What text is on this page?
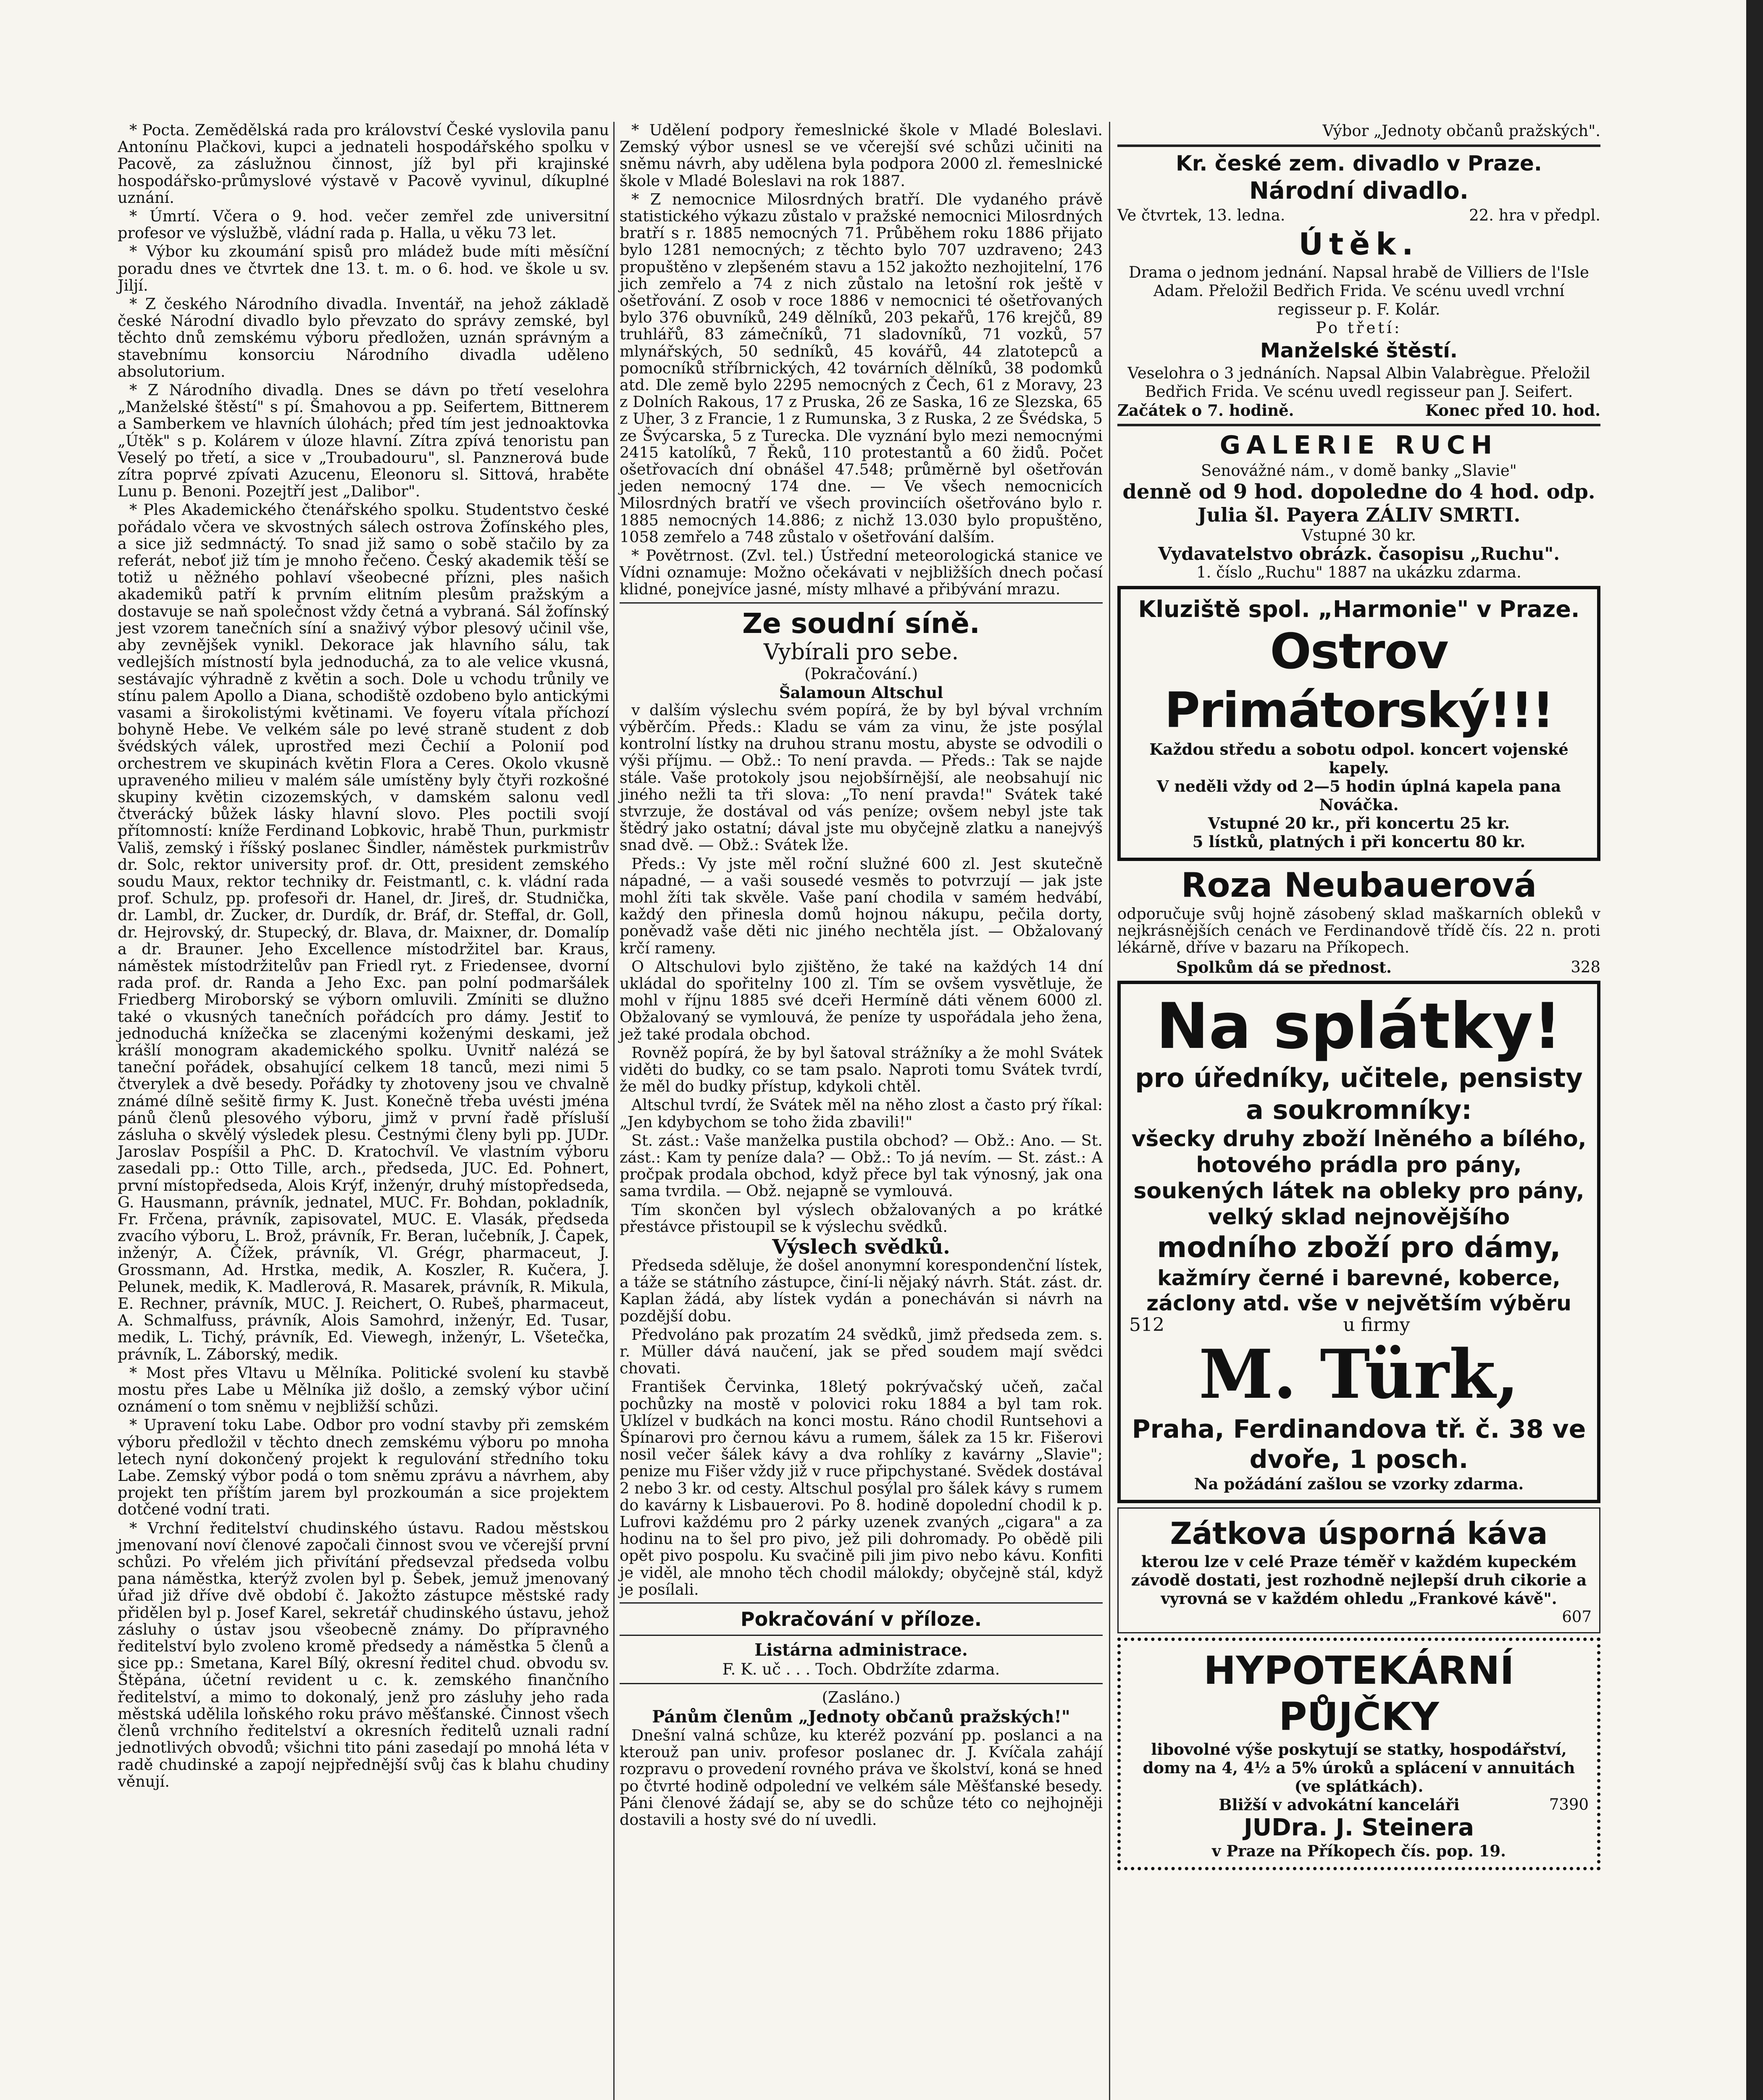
* Pocta. Zemědělská rada pro království České vyslovila panu Antonínu Plačkovi, kupci a jednateli hospodářského spolku v Pacově, za záslužnou činnost, jíž byl při krajinské hospodářsko-průmyslové výstavě v Pacově vyvinul, díkuplné uznání.

* Úmrtí. Včera o 9. hod. večer zemřel zde universitní profesor ve výslužbě, vládní rada p. Halla, u věku 73 let.

* Výbor ku zkoumání spisů pro mládež bude míti měsíční poradu dnes ve čtvrtek dne 13. t. m. o 6. hod. ve škole u sv. Jiljí.

* Z českého Národního divadla. Inventář, na jehož základě české Národní divadlo bylo převzato do správy zemské, byl těchto dnů zemskému výboru předložen, uznán správným a stavebnímu konsorciu Národního divadla uděleno absolutorium.

* Z Národního divadla. Dnes se dávn po třetí veselohra „Manželské štěstí" s pí. Šmahovou a pp. Seifertem, Bittnerem a Samberkem ve hlavních úlohách; před tím jest jednoaktovka „Útěk" s p. Kolárem v úloze hlavní. Zítra zpívá tenoristu pan Veselý po třetí, a sice v „Troubadouru", sl. Panznerová bude zítra poprvé zpívati Azucenu, Eleonoru sl. Sittová, hraběte Lunu p. Benoni. Pozejtří jest „Dalibor".

* Ples Akademického čtenářského spolku. Studentstvo české pořádalo včera ve skvostných sálech ostrova Žofínského ples, a sice již sedmnáctý. To snad již samo o sobě stačilo by za referát, neboť již tím je mnoho řečeno. Český akademik těší se totiž u něžného pohlaví všeobecné přízni, ples našich akademiků patří k prvním elitním plesům pražským a dostavuje se naň společnost vždy četná a vybraná. Sál žofínský jest vzorem tanečních síní a snaživý výbor plesový učinil vše, aby zevnějšek vynikl. Dekorace jak hlavního sálu, tak vedlejších místností byla jednoduchá, za to ale velice vkusná, sestávajíc výhradně z květin a soch. Dole u vchodu trůnily ve stínu palem Apollo a Diana, schodiště ozdobeno bylo antickými vasami a širokolistými květinami. Ve foyeru vítala příchozí bohyně Hebe. Ve velkém sále po levé straně student z dob švédských válek, uprostřed mezi Čechií a Polonií pod orchestrem ve skupinách květin Flora a Ceres. Okolo vkusně upraveného milieu v malém sále umístěny byly čtyři rozkošné skupiny květin cizozemských, v damském salonu vedl čtverácký bůžek lásky hlavní slovo. Ples poctili svojí přítomností: kníže Ferdinand Lobkovic, hrabě Thun, purkmistr Vališ, zemský i říšský poslanec Šindler, náměstek purkmistrův dr. Solc, rektor university prof. dr. Ott, president zemského soudu Maux, rektor techniky dr. Feistmantl, c. k. vládní rada prof. Schulz, pp. profesoři dr. Hanel, dr. Jireš, dr. Studnička, dr. Lambl, dr. Zucker, dr. Durdík, dr. Bráf, dr. Steffal, dr. Goll, dr. Hejrovský, dr. Stupecký, dr. Blava, dr. Maixner, dr. Domalíp a dr. Brauner. Jeho Excellence místodržitel bar. Kraus, náměstek místodržitelův pan Friedl ryt. z Friedensee, dvorní rada prof. dr. Randa a Jeho Exc. pan polní podmaršálek Friedberg Miroborský se výborn omluvili. Zmíniti se dlužno také o vkusných tanečních pořádcích pro dámy. Jestiť to jednoduchá knížečka se zlacenými koženými deskami, jež krášlí monogram akademického spolku. Uvnitř nalézá se taneční pořádek, obsahující celkem 18 tanců, mezi nimi 5 čtverylek a dvě besedy. Pořádky ty zhotoveny jsou ve chvalně známé dílně sešitě firmy K. Just. Konečně třeba uvésti jména pánů členů plesového výboru, jimž v první řadě přísluší zásluha o skvělý výsledek plesu. Čestnými členy byli pp. JUDr. Jaroslav Pospíšil a PhC. D. Kratochvíl. Ve vlastním výboru zasedali pp.: Otto Tille, arch., předseda, JUC. Ed. Pohnert, první místopředseda, Alois Krýf, inženýr, druhý místopředseda, G. Hausmann, právník, jednatel, MUC. Fr. Bohdan, pokladník, Fr. Frčena, právník, zapisovatel, MUC. E. Vlasák, předseda zvacího výboru, L. Brož, právník, Fr. Beran, lučebník, J. Čapek, inženýr, A. Čížek, právník, Vl. Grégr, pharmaceut, J. Grossmann, Ad. Hrstka, medik, A. Koszler, R. Kučera, J. Pelunek, medik, K. Madlerová, R. Masarek, právník, R. Mikula, E. Rechner, právník, MUC. J. Reichert, O. Rubeš, pharmaceut, A. Schmalfuss, právník, Alois Samohrd, inženýr, Ed. Tusar, medik, L. Tichý, právník, Ed. Viewegh, inženýr, L. Všetečka, právník, L. Záborský, medik.

* Most přes Vltavu u Mělníka. Politické svolení ku stavbě mostu přes Labe u Mělníka již došlo, a zemský výbor učiní oznámení o tom sněmu v nejbližší schůzi.

* Upravení toku Labe. Odbor pro vodní stavby při zemském výboru předložil v těchto dnech zemskému výboru po mnoha letech nyní dokončený projekt k regulování středního toku Labe. Zemský výbor podá o tom sněmu zprávu a návrhem, aby projekt ten příštím jarem byl prozkoumán a sice projektem dotčené vodní trati.

* Vrchní ředitelství chudinského ústavu. Radou městskou jmenovaní noví členové započali činnost svou ve včerejší první schůzi. Po vřelém jich přivítání předsevzal předseda volbu pana náměstka, kterýž zvolen byl p. Šebek, jemuž jmenovaný úřad již dříve dvě období č. Jakožto zástupce městské rady přidělen byl p. Josef Karel, sekretář chudinského ústavu, jehož zásluhy o ústav jsou všeobecně známy. Do přípravného ředitelství bylo zvoleno kromě předsedy a náměstka 5 členů a sice pp.: Smetana, Karel Bílý, okresní ředitel chud. obvodu sv. Štěpána, účetní revident u c. k. zemského finančního ředitelství, a mimo to dokonalý, jenž pro zásluhy jeho rada městská udělila loňského roku právo měšťanské. Činnost všech členů vrchního ředitelství a okresních ředitelů uznali radní jednotlivých obvodů; všichni tito páni zasedají po mnohá léta v radě chudinské a zapojí nejpřednější svůj čas k blahu chudiny věnují.

* Udělení podpory řemeslnické škole v Mladé Boleslavi. Zemský výbor usnesl se ve včerejší své schůzi učiniti na sněmu návrh, aby udělena byla podpora 2000 zl. řemeslnické škole v Mladé Boleslavi na rok 1887.

* Z nemocnice Milosrdných bratří. Dle vydaného právě statistického výkazu zůstalo v pražské nemocnici Milosrdných bratří s r. 1885 nemocných 71. Průběhem roku 1886 přijato bylo 1281 nemocných; z těchto bylo 707 uzdraveno; 243 propuštěno v zlepšeném stavu a 152 jakožto nezhojitelní, 176 jich zemřelo a 74 z nich zůstalo na letošní rok ještě v ošetřování. Z osob v roce 1886 v nemocnici té ošetřovaných bylo 376 obuvníků, 249 dělníků, 203 pekařů, 176 krejčů, 89 truhlářů, 83 zámečníků, 71 sladovníků, 71 vozků, 57 mlynářských, 50 sedníků, 45 kovářů, 44 zlatotepců a pomocníků stříbrnických, 42 továrních dělníků, 38 podomků atd. Dle země bylo 2295 nemocných z Čech, 61 z Moravy, 23 z Dolních Rakous, 17 z Pruska, 26 ze Saska, 16 ze Slezska, 65 z Uher, 3 z Francie, 1 z Rumunska, 3 z Ruska, 2 ze Švédska, 5 ze Švýcarska, 5 z Turecka. Dle vyznání bylo mezi nemocnými 2415 katolíků, 7 Řeků, 110 protestantů a 60 židů. Počet ošetřovacích dní obnášel 47.548; průměrně byl ošetřován jeden nemocný 174 dne. — Ve všech nemocnicích Milosrdných bratří ve všech provinciích ošetřováno bylo r. 1885 nemocných 14.886; z nichž 13.030 bylo propuštěno, 1058 zemřelo a 748 zůstalo v ošetřování dalším.

* Povětrnost. (Zvl. tel.) Ústřední meteorologická stanice ve Vídni oznamuje: Možno očekávati v nejbližších dnech počasí klidné, ponejvíce jasné, místy mlhavé a přibývání mrazu.

Ze soudní síně.

Vybírali pro sebe.

(Pokračování.)

Šalamoun Altschul

v dalším výslechu svém popírá, že by byl býval vrchním výběrčím. Předs.: Kladu se vám za vinu, že jste posýlal kontrolní lístky na druhou stranu mostu, abyste se odvodili o výši příjmu. — Obž.: To není pravda. — Předs.: Tak se najde stále. Vaše protokoly jsou nejobšírnější, ale neobsahují nic jiného nežli ta tři slova: „To není pravda!" Svátek také stvrzuje, že dostával od vás peníze; ovšem nebyl jste tak štědrý jako ostatní; dával jste mu obyčejně zlatku a nanejvýš snad dvě. — Obž.: Svátek lže.

Předs.: Vy jste měl roční služné 600 zl. Jest skutečně nápadné, — a vaši sousedé vesměs to potvrzují — jak jste mohl žíti tak skvěle. Vaše paní chodila v samém hedvábí, každý den přinesla domů hojnou nákupu, pečila dorty, poněvadž vaše děti nic jiného nechtěla jíst. — Obžalovaný krčí rameny.

O Altschulovi bylo zjištěno, že také na každých 14 dní ukládal do spořitelny 100 zl. Tím se ovšem vysvětluje, že mohl v říjnu 1885 své dceři Hermíně dáti věnem 6000 zl. Obžalovaný se vymlouvá, že peníze ty uspořádala jeho žena, jež také prodala obchod.

Rovněž popírá, že by byl šatoval strážníky a že mohl Svátek viděti do budky, co se tam psalo. Naproti tomu Svátek tvrdí, že měl do budky přístup, kdykoli chtěl.

Altschul tvrdí, že Svátek měl na něho zlost a často prý říkal: „Jen kdybychom se toho žida zbavili!"

St. zást.: Vaše manželka pustila obchod? — Obž.: Ano. — St. zást.: Kam ty peníze dala? — Obž.: To já nevím. — St. zást.: A pročpak prodala obchod, když přece byl tak výnosný, jak ona sama tvrdila. — Obž. nejapně se vymlouvá.

Tím skončen byl výslech obžalovaných a po krátké přestávce přistoupil se k výslechu svědků.

Výslech svědků.

Předseda sděluje, že došel anonymní korespondenční lístek, a táže se státního zástupce, činí-li nějaký návrh. Stát. zást. dr. Kaplan žádá, aby lístek vydán a ponecháván si návrh na pozdější dobu.

Předvoláno pak prozatím 24 svědků, jimž předseda zem. s. r. Müller dává naučení, jak se před soudem mají svědci chovati.

František Červinka, 18letý pokrývačský učeň, začal pochůzky na mostě v polovici roku 1884 a byl tam rok. Uklízel v budkách na konci mostu. Ráno chodil Runtsehovi a Špínarovi pro černou kávu a rumem, šálek za 15 kr. Fišerovi nosil večer šálek kávy a dva rohlíky z kavárny „Slavie"; penize mu Fišer vždy již v ruce připchystané. Svědek dostával 2 nebo 3 kr. od cesty. Altschul posýlal pro šálek kávy s rumem do kavárny k Lisbauerovi. Po 8. hodině dopolední chodil k p. Lufrovi každému pro 2 párky uzenek zvaných „cigara" a za hodinu na to šel pro pivo, jež pili dohromady. Po obědě pili opět pivo pospolu. Ku svačině pili jim pivo nebo kávu. Konfiti je viděl, ale mnoho těch chodil málokdy; obyčejně stál, když je posílali.

Pokračování v příloze.

Listárna administrace.

F. K. uč . . . Toch. Obdržíte zdarma.

(Zasláno.)

Pánům členům „Jednoty občanů pražských!"

Dnešní valná schůze, ku kteréž pozvání pp. poslanci a na kterouž pan univ. profesor poslanec dr. J. Kvíčala zahájí rozpravu o provedení rovného práva ve školství, koná se hned po čtvrté hodině odpolední ve velkém sále Měšťanské besedy. Páni členové žádají se, aby se do schůze této co nejhojněji dostavili a hosty své do ní uvedli.

Výbor „Jednoty občanů pražských".

Kr. české zem. divadlo v Praze.

Národní divadlo.

Ve čtvrtek, 13. ledna.	22. hra v předpl.

Útěk.

Drama o jednom jednání. Napsal hrabě de Villiers de l'Isle Adam. Přeložil Bedřich Frida. Ve scénu uvedl vrchní regisseur p. F. Kolár.

Po třetí:

Manželské štěstí.

Veselohra o 3 jednáních. Napsal Albin Valabrègue. Přeložil Bedřich Frida. Ve scénu uvedl regisseur pan J. Seifert.

Začátek o 7. hodině.	Konec před 10. hod.

GALERIE RUCH

Senovážné nám., v domě banky „Slavie"

denně od 9 hod. dopoledne do 4 hod. odp.

Julia šl. Payera ZÁLIV SMRTI.

Vstupné 30 kr.

Vydavatelstvo obrázk. časopisu „Ruchu".

1. číslo „Ruchu" 1887 na ukázku zdarma.

Kluziště spol. „Harmonie" v Praze.

Ostrov Primátorský!!!

Každou středu a sobotu odpol. koncert vojenské kapely.

V neděli vždy od 2—5 hodin úplná kapela pana Nováčka.

Vstupné 20 kr., při koncertu 25 kr.

5 lístků, platných i při koncertu 80 kr.

Roza Neubauerová

odporučuje svůj hojně zásobený sklad maškarních obleků v nejkrásnějších cenách ve Ferdinandově třídě čís. 22 n. proti lékárně, dříve v bazaru na Příkopech.

Spolkům dá se přednost.	328

Na splátky!

pro úředníky, učitele, pensisty

a soukromníky:

všecky druhy zboží lněného a bílého, hotového prádla pro pány, soukených látek na obleky pro pány, velký sklad nejnovějšího

modního zboží pro dámy,

kažmíry černé i barevné, koberce, záclony atd. vše v největším výběru

512	u firmy

M. Türk,

Praha, Ferdinandova tř. č. 38 ve dvoře, 1 posch.

Na požádání zašlou se vzorky zdarma.

Zátkova úsporná káva

kterou lze v celé Praze téměř v každém kupeckém závodě dostati, jest rozhodně nejlepší druh cikorie a vyrovná se v každém ohledu „Frankové kávě".

607

HYPOTEKÁRNÍ PŮJČKY

libovolné výše poskytují se statky, hospodářství, domy na 4, 4½ a 5% úroků a splácení v annuitách (ve splátkách).

Bližší v advokátní kanceláři	7390

JUDra. J. Steinera

v Praze na Příkopech čís. pop. 19.
